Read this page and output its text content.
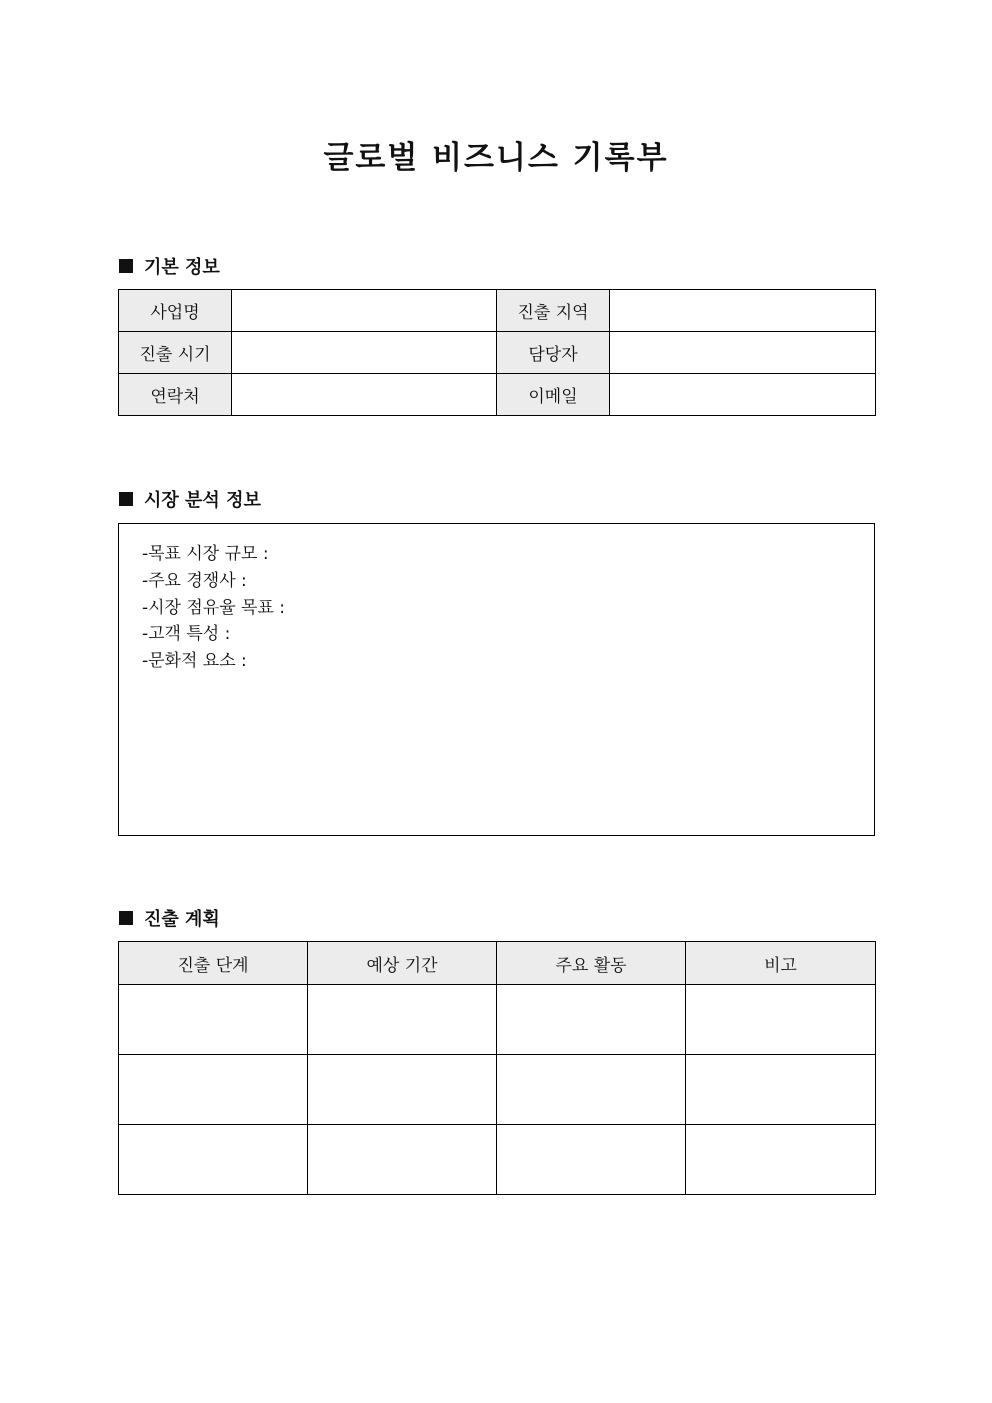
글로벌 비즈니스 기록부
기본 정보
사업명		진출 지역	
진출 시기		담당자	
연락처		이메일	
시장 분석 정보
-목표 시장 규모 :
-주요 경쟁사 :
-시장 점유율 목표 :
-고객 특성 :
-문화적 요소 :
진출 계획
진출 단계	예상 기간	주요 활동	비고
